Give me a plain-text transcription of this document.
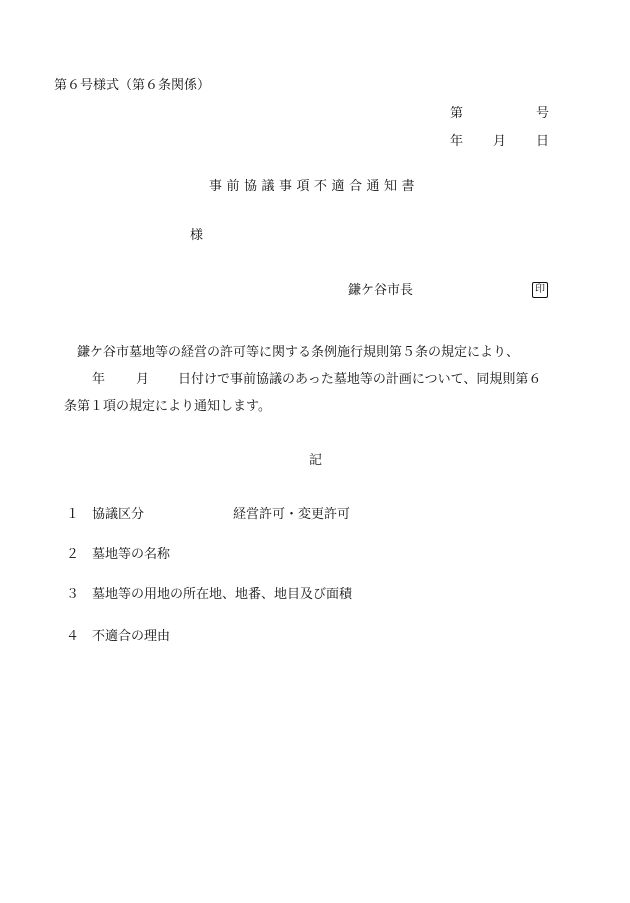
第６号様式（第６条関係）
第	号
年 月 日
事前協議事項不適合通知書
様
鎌ケ谷市長	印
鎌ケ谷市墓地等の経営の許可等に関する条例施行規則第５条の規定により、
年 月 日付けで事前協議のあった墓地等の計画について、同規則第６
条第１項の規定により通知します。
記
１ 協議区分	経営許可・変更許可
２ 墓地等の名称
３ 墓地等の用地の所在地、地番、地目及び面積
４ 不適合の理由
